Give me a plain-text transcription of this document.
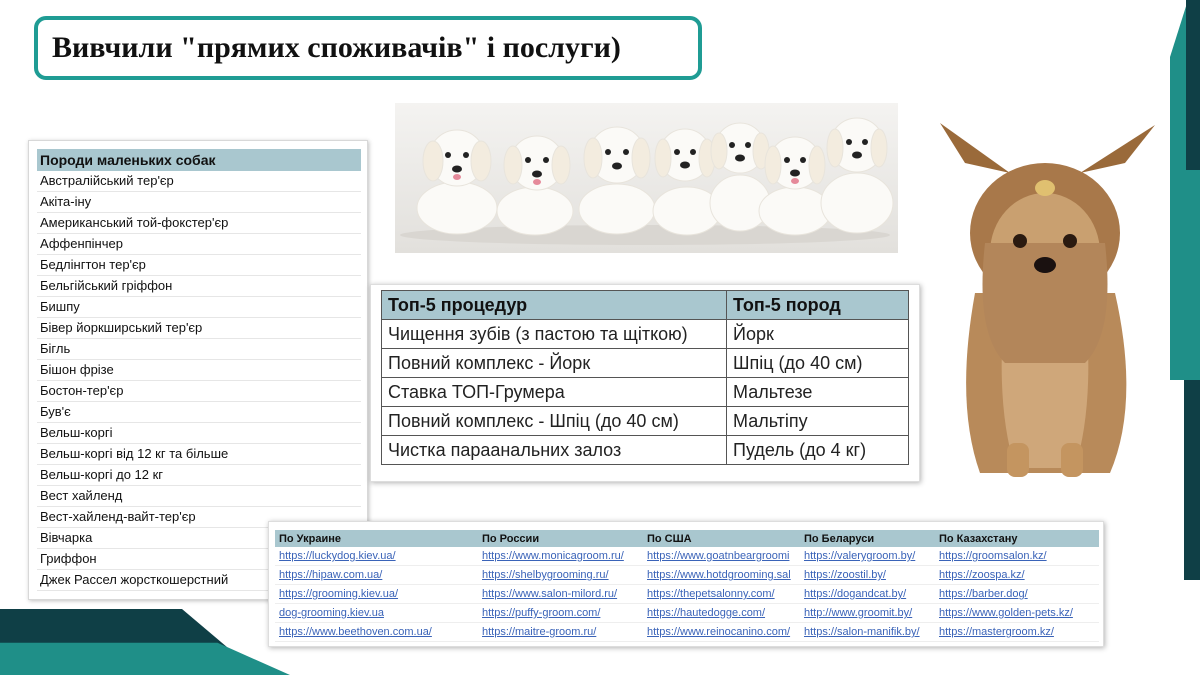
Вивчили "прямих споживачів" і послуги)
Породи маленьких собак
Австралійський тер'єр
Акіта-іну
Американський той-фокстер'єр
Аффенпінчер
Бедлінгтон тер'єр
Бельгійський гріффон
Бишпу
Бівер йоркширський тер'єр
Бігль
Бішон фрізе
Бостон-тер'єр
Був'є
Вельш-коргі
Вельш-коргі від 12 кг та більше
Вельш-коргі до 12 кг
Вест хайленд
Вест-хайленд-вайт-тер'єр
Вівчарка
Гриффон
Джек Рассел жорсткошерстний
Топ-5 процедур	Топ-5 пород
Чищення зубів (з пастою та щіткою)	Йорк
Повний комплекс - Йорк	Шпіц (до 40 см)
Ставка ТОП-Грумера	Мальтезе
Повний комплекс - Шпіц (до 40 см)	Мальтіпу
Чистка параанальних залоз	Пудель (до 4 кг)
По Украине	По России	По США	По Беларуси	По Казахстану
https://luckydog.kiev.ua/	https://www.monicagroom.ru/	https://www.goatnbeargroomi	https://valerygroom.by/	https://groomsalon.kz/
https://hipaw.com.ua/	https://shelbygrooming.ru/	https://www.hotdgrooming.sal	https://zoostil.by/	https://zoospa.kz/
https://grooming.kiev.ua/	https://www.salon-milord.ru/	https://thepetsalonny.com/	https://dogandcat.by/	https://barber.dog/
dog-grooming.kiev.ua	https://puffy-groom.com/	https://hautedogge.com/	http://www.groomit.by/	https://www.golden-pets.kz/
https://www.beethoven.com.ua/	https://maitre-groom.ru/	https://www.reinocanino.com/	https://salon-manifik.by/	https://mastergroom.kz/
